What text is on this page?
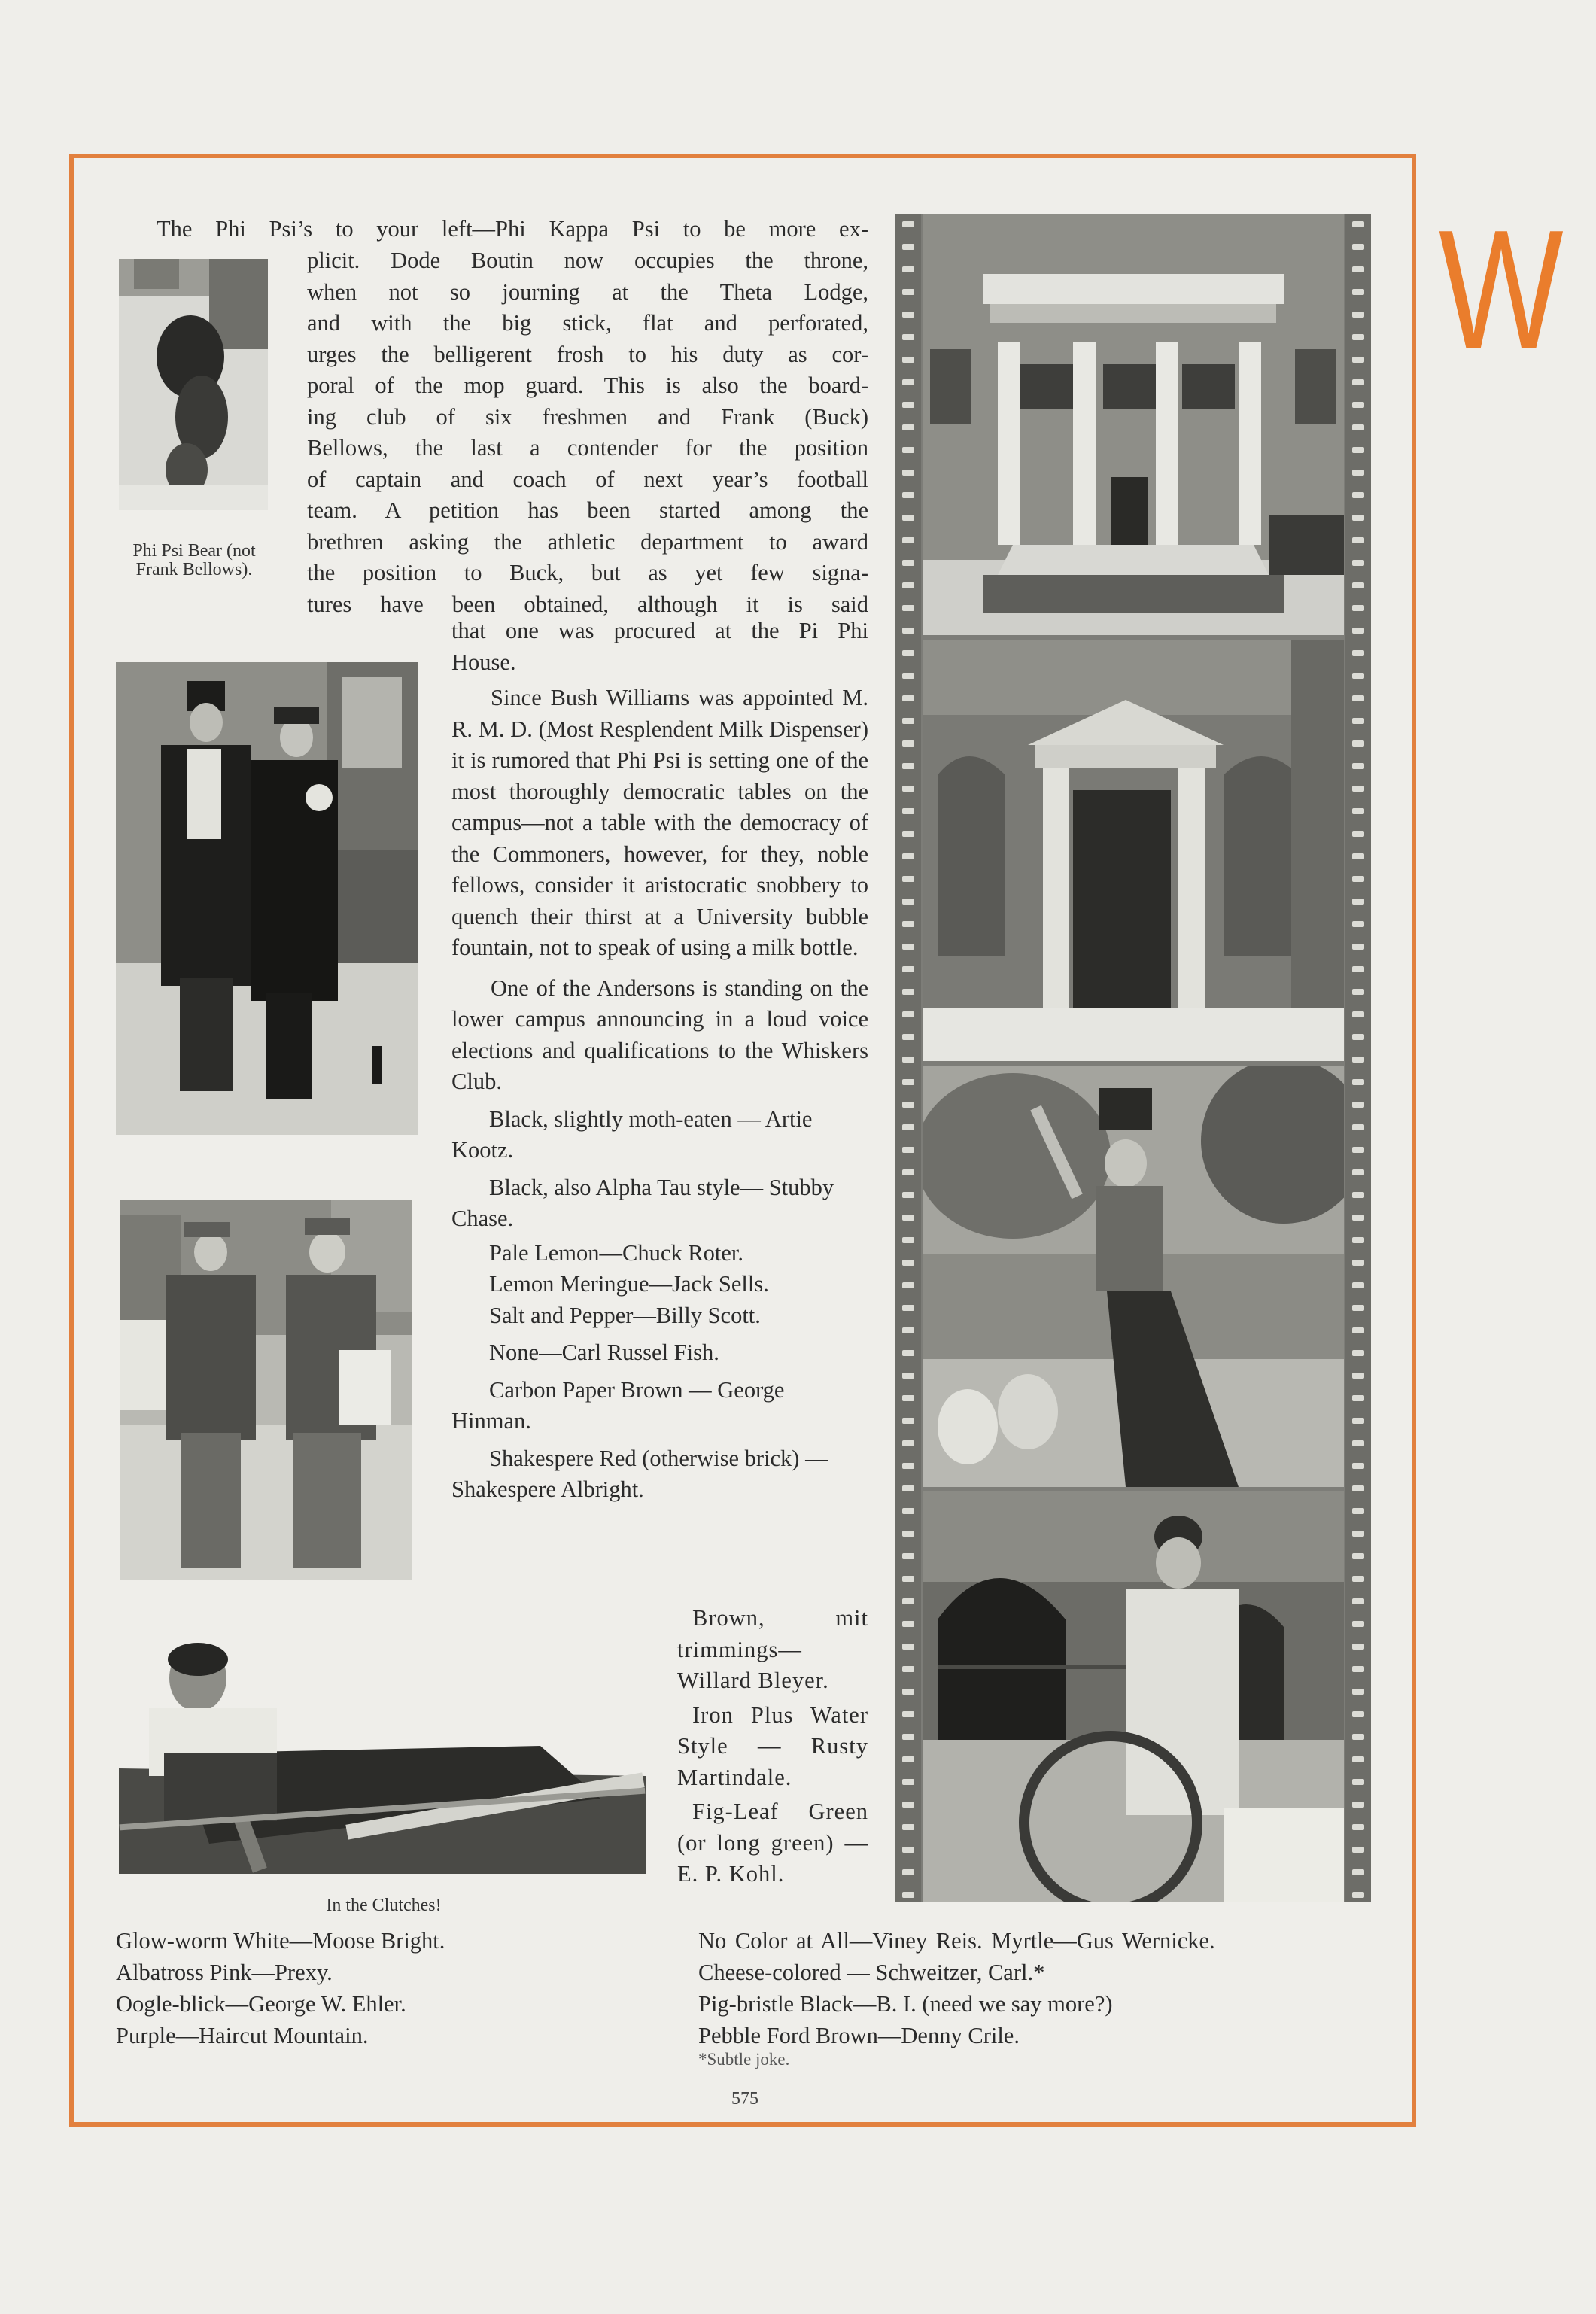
W
Phi Psi Bear (not Frank Bellows).
In the Clutches!

The Phi Psi’s to your left—Phi Kappa Psi to be more ex-

plicit. Dode Boutin now occupies the throne,

when not so journing at the Theta Lodge,

and with the big stick, flat and perforated,

urges the belligerent frosh to his duty as cor-

poral of the mop guard. This is also the board-

ing club of six freshmen and Frank (Buck)

Bellows, the last a contender for the position

of captain and coach of next year’s football

team. A petition has been started among the

brethren asking the athletic department to award

the position to Buck, but as yet few signa-

tures have been obtained, although it is said

that one was procured at the Pi Phi

House.

Since Bush Williams was appointed M. R. M. D. (Most Resplendent Milk Dispenser) it is rumored that Phi Psi is setting one of the most thoroughly democratic tables on the campus—not a table with the democracy of the Commoners, however, for they, noble fellows, consider it aristocratic snobbery to quench their thirst at a University bubble fountain, not to speak of using a milk bottle.

One of the Andersons is standing on the lower campus announcing in a loud voice elections and qualifications to the Whiskers Club.

Black, slightly moth-eaten — Artie Kootz.

Black, also Alpha Tau style— Stubby Chase.

Pale Lemon—Chuck Roter.

Lemon Meringue—Jack Sells.

Salt and Pepper—Billy Scott.

None—Carl Russel Fish.

Carbon Paper Brown — George Hinman.

Shakespere Red (otherwise brick) —Shakespere Albright.

Brown, mit trimmings—Willard Bleyer.

Iron Plus Water Style — Rusty Martindale.

Fig-Leaf Green (or long green) — E. P. Kohl.

Glow-worm White—Moose Bright.
Albatross Pink—Prexy.
Oogle-blick—George W. Ehler.
Purple—Haircut Mountain.
No Color at All—Viney Reis. Myrtle—Gus Wernicke.
Cheese-colored — Schweitzer, Carl.*
Pig-bristle Black—B. I. (need we say more?)
Pebble Ford Brown—Denny Crile.
*Subtle joke.
575
